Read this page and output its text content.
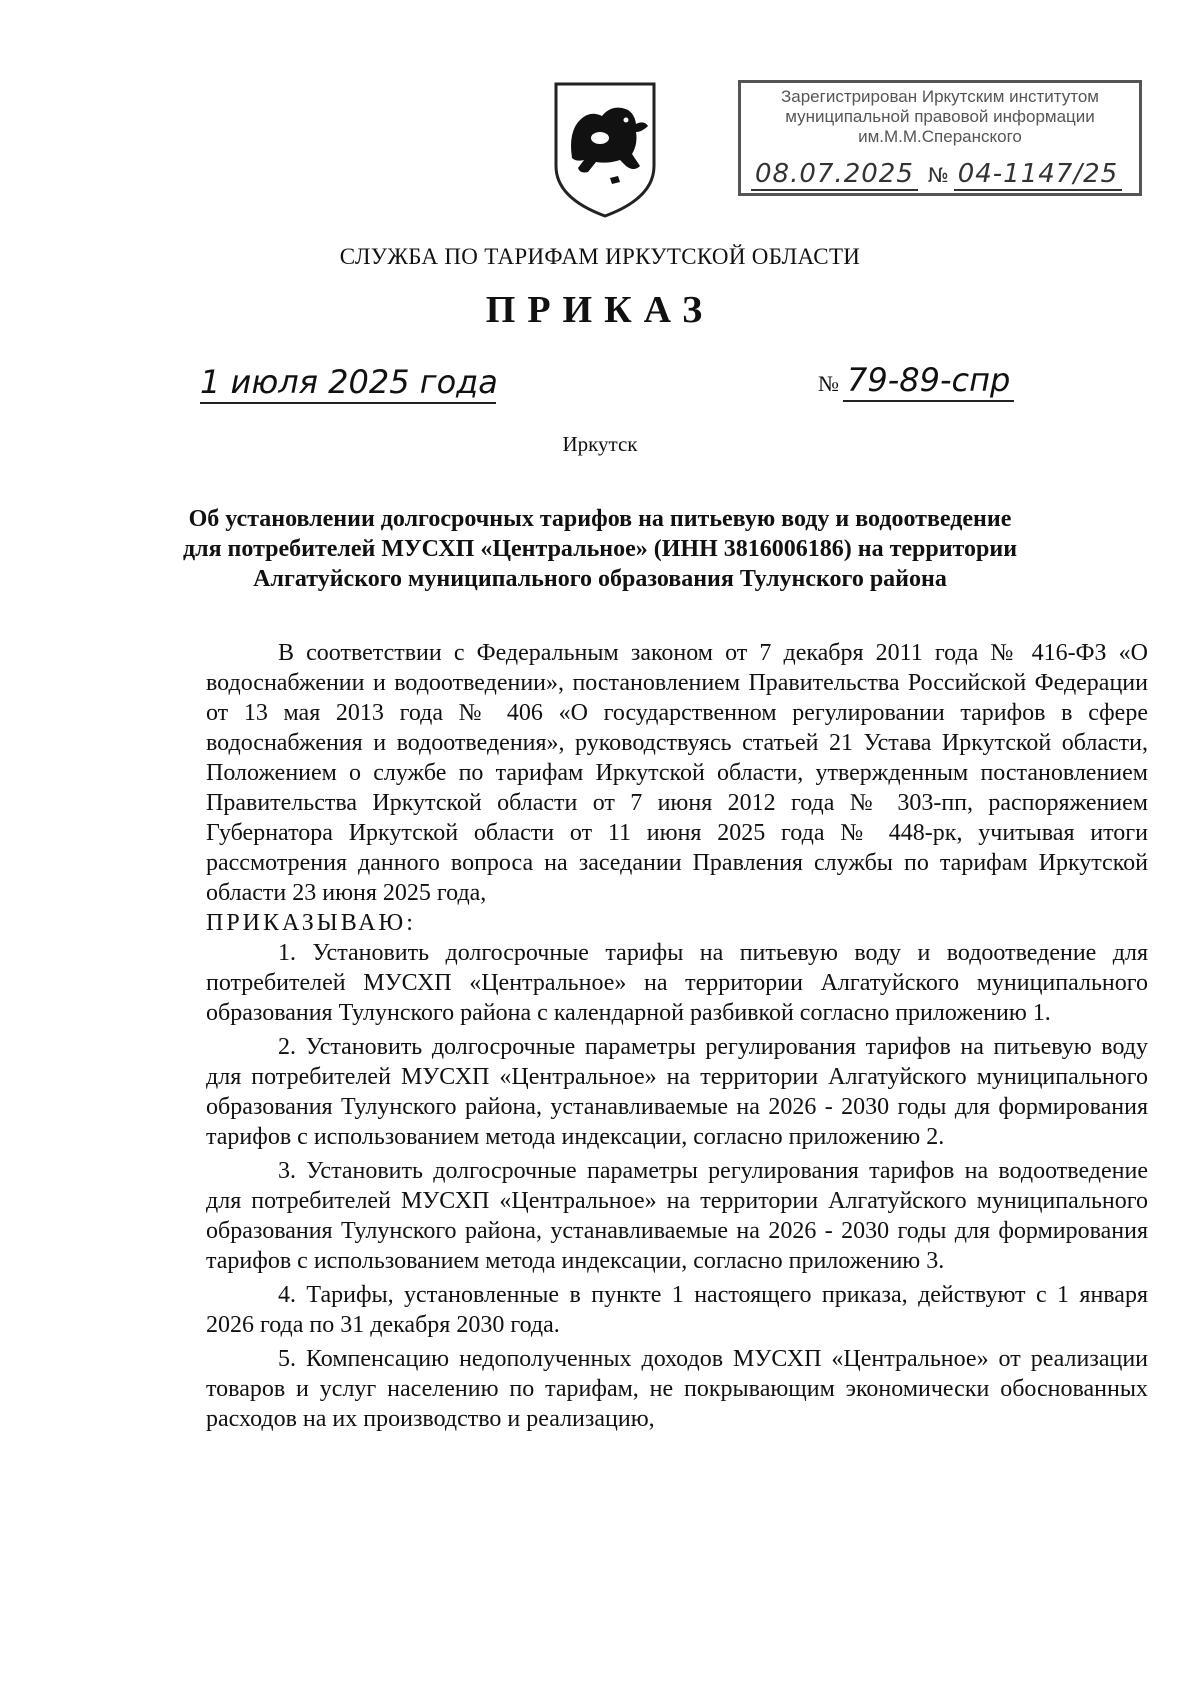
Зарегистрирован Иркутским институтом
муниципальной правовой информации
им.М.М.Сперанского
08.07.2025 № 04-1147/25
СЛУЖБА ПО ТАРИФАМ ИРКУТСКОЙ ОБЛАСТИ
ПРИКАЗ
1 июля 2025 года	№ 79-89-спр
Иркутск
Об установлении долгосрочных тарифов на питьевую воду и водоотведение для потребителей МУСХП «Центральное» (ИНН 3816006186) на территории Алгатуйского муниципального образования Тулунского района

В соответствии с Федеральным законом от 7 декабря 2011 года № 416-ФЗ «О водоснабжении и водоотведении», постановлением Правительства Российской Федерации от 13 мая 2013 года № 406 «О государственном регулировании тарифов в сфере водоснабжения и водоотведения», руководствуясь статьей 21 Устава Иркутской области, Положением о службе по тарифам Иркутской области, утвержденным постановлением Правительства Иркутской области от 7 июня 2012 года № 303-пп, распоряжением Губернатора Иркутской области от 11 июня 2025 года № 448-рк, учитывая итоги рассмотрения данного вопроса на заседании Правления службы по тарифам Иркутской области 23 июня 2025 года,

ПРИКАЗЫВАЮ:

1. Установить долгосрочные тарифы на питьевую воду и водоотведение для потребителей МУСХП «Центральное» на территории Алгатуйского муниципального образования Тулунского района с календарной разбивкой согласно приложению 1.

2. Установить долгосрочные параметры регулирования тарифов на питьевую воду для потребителей МУСХП «Центральное» на территории Алгатуйского муниципального образования Тулунского района, устанавливаемые на 2026 - 2030 годы для формирования тарифов с использованием метода индексации, согласно приложению 2.

3. Установить долгосрочные параметры регулирования тарифов на водоотведение для потребителей МУСХП «Центральное» на территории Алгатуйского муниципального образования Тулунского района, устанавливаемые на 2026 - 2030 годы для формирования тарифов с использованием метода индексации, согласно приложению 3.

4. Тарифы, установленные в пункте 1 настоящего приказа, действуют с 1 января 2026 года по 31 декабря 2030 года.

5. Компенсацию недополученных доходов МУСХП «Центральное» от реализации товаров и услуг населению по тарифам, не покрывающим экономически обоснованных расходов на их производство и реализацию,
